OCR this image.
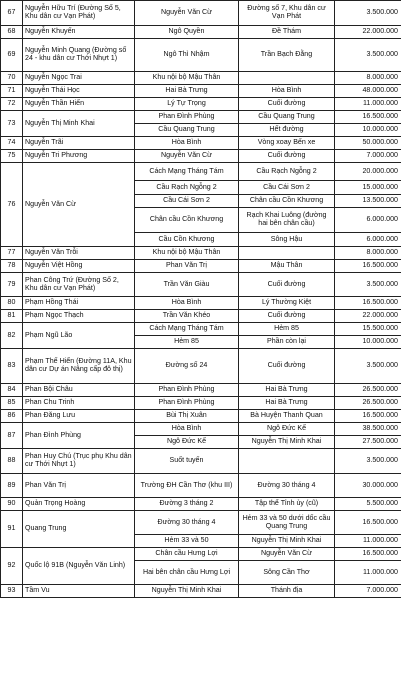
67	Nguyễn Hữu Trí (Đường Số 5, Khu dân cư Vạn Phát)	Nguyễn Văn Cừ	Đường số 7, Khu dân cư Vạn Phát	3.500.000
68	Nguyễn Khuyến	Ngô Quyền	Đề Thám	22.000.000
69	Nguyễn Minh Quang (Đường số 24 - khu dân cư Thới Nhựt 1)	Ngô Thì Nhậm	Trần Bạch Đằng	3.500.000
70	Nguyễn Ngọc Trai	Khu nội bộ Mậu Thân		8.000.000
71	Nguyễn Thái Học	Hai Bà Trưng	Hòa Bình	48.000.000
72	Nguyễn Thần Hiến	Lý Tự Trọng	Cuối đường	11.000.000
73	Nguyễn Thị Minh Khai	Phan Đình Phùng	Cầu Quang Trung	16.500.000
		Cầu Quang Trung	Hết đường	10.000.000
74	Nguyễn Trãi	Hòa Bình	Vòng xoay Bến xe	50.000.000
75	Nguyễn Tri Phương	Nguyễn Văn Cừ	Cuối đường	7.000.000
76	Nguyễn Văn Cừ	Cách Mạng Tháng Tám	Cầu Rạch Ngỗng 2	20.000.000
		Cầu Rạch Ngỗng 2	Cầu Cái Sơn 2	15.000.000
		Cầu Cái Sơn 2	Chân cầu Cồn Khương	13.500.000
		Chân cầu Cồn Khương	Rạch Khai Luông (đường hai bên chân cầu)	6.000.000
		Cầu Cồn Khương	Sông Hậu	6.000.000
77	Nguyễn Văn Trỗi	Khu nội bộ Mậu Thân		8.000.000
78	Nguyễn Việt Hồng	Phan Văn Trị	Mậu Thân	16.500.000
79	Phan Công Trứ (Đường Số 2, Khu dân cư Vạn Phát)	Trần Văn Giàu	Cuối đường	3.500.000
80	Phạm Hồng Thái	Hòa Bình	Lý Thường Kiệt	16.500.000
81	Phạm Ngọc Thạch	Trần Văn Khéo	Cuối đường	22.000.000
82	Phạm Ngũ Lão	Cách Mạng Tháng Tám	Hẻm 85	15.500.000
		Hẻm 85	Phần còn lại	10.000.000
83	Phạm Thế Hiển (Đường 11A, Khu dân cư Dự án Nâng cấp đô thị)	Đường số 24	Cuối đường	3.500.000
84	Phan Bội Châu	Phan Đình Phùng	Hai Bà Trưng	26.500.000
85	Phan Chu Trinh	Phan Đình Phùng	Hai Bà Trưng	26.500.000
86	Phan Đăng Lưu	Bùi Thị Xuân	Bà Huyện Thanh Quan	16.500.000
87	Phan Đình Phùng	Hòa Bình	Ngô Đức Kế	38.500.000
		Ngô Đức Kế	Nguyễn Thị Minh Khai	27.500.000
88	Phan Huy Chú (Trục phụ Khu dân cư Thới Nhựt 1)	Suốt tuyến		3.500.000
89	Phan Văn Trị	Trường ĐH Cần Thơ (khu III)	Đường 30 tháng 4	30.000.000
90	Quản Trọng Hoàng	Đường 3 tháng 2	Tập thể Tỉnh ủy (cũ)	5.500.000
91	Quang Trung	Đường 30 tháng 4	Hẻm 33 và 50 dưới dốc cầu Quang Trung	16.500.000
		Hẻm 33 và 50	Nguyễn Thị Minh Khai	11.000.000
92	Quốc lộ 91B (Nguyễn Văn Linh)	Chân cầu Hưng Lợi	Nguyễn Văn Cừ	16.500.000
		Hai bên chân cầu Hưng Lợi	Sông Cần Thơ	11.000.000
93	Tầm Vu	Nguyễn Thị Minh Khai	Thánh địa	7.000.000
